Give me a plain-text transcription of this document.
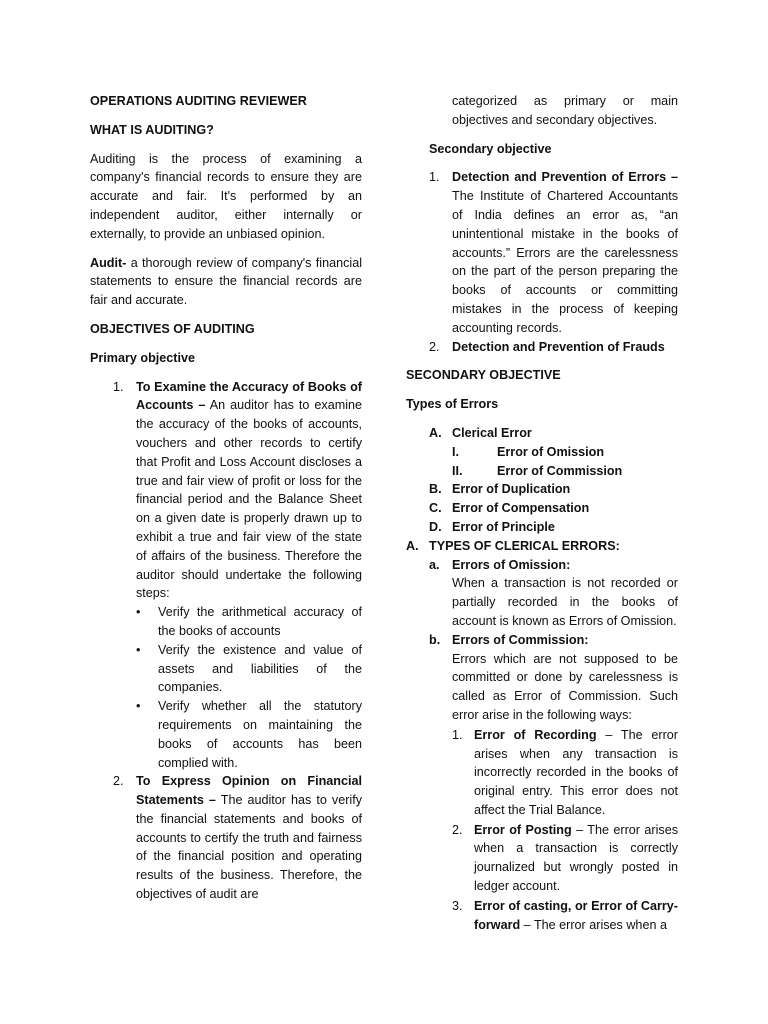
OPERATIONS AUDITING REVIEWER
WHAT IS AUDITING?

Auditing is the process of examining a company's financial records to ensure they are accurate and fair. It's performed by an independent auditor, either internally or externally, to provide an unbiased opinion.

Audit- a thorough review of company's financial statements to ensure the financial records are fair and accurate.

OBJECTIVES OF AUDITING
Primary objective
1. To Examine the Accuracy of Books of Accounts – An auditor has to examine the accuracy of the books of accounts, vouchers and other records to certify that Profit and Loss Account discloses a true and fair view of profit or loss for the financial period and the Balance Sheet on a given date is properly drawn up to exhibit a true and fair view of the state of affairs of the business. Therefore the auditor should undertake the following steps:
• Verify the arithmetical accuracy of the books of accounts
• Verify the existence and value of assets and liabilities of the companies.
• Verify whether all the statutory requirements on maintaining the books of accounts has been complied with.
2. To Express Opinion on Financial Statements – The auditor has to verify the financial statements and books of accounts to certify the truth and fairness of the financial position and operating results of the business. Therefore, the objectives of audit are

categorized as primary or main objectives and secondary objectives.

Secondary objective
1. Detection and Prevention of Errors – The Institute of Chartered Accountants of India defines an error as, “an unintentional mistake in the books of accounts.” Errors are the carelessness on the part of the person preparing the books of accounts or committing mistakes in the process of keeping accounting records.
2. Detection and Prevention of Frauds
SECONDARY OBJECTIVE
Types of Errors
A. Clerical Error
I.	Error of Omission
II.	Error of Commission
B. Error of Duplication
C. Error of Compensation
D. Error of Principle
A. TYPES OF CLERICAL ERRORS:
a. Errors of Omission:
When a transaction is not recorded or partially recorded in the books of account is known as Errors of Omission.
b. Errors of Commission:
Errors which are not supposed to be committed or done by carelessness is called as Error of Commission. Such error arise in the following ways:
1. Error of Recording – The error arises when any transaction is incorrectly recorded in the books of original entry. This error does not affect the Trial Balance.
2. Error of Posting – The error arises when a transaction is correctly journalized but wrongly posted in ledger account.
3. Error of casting, or Error of Carry-forward – The error arises when a
